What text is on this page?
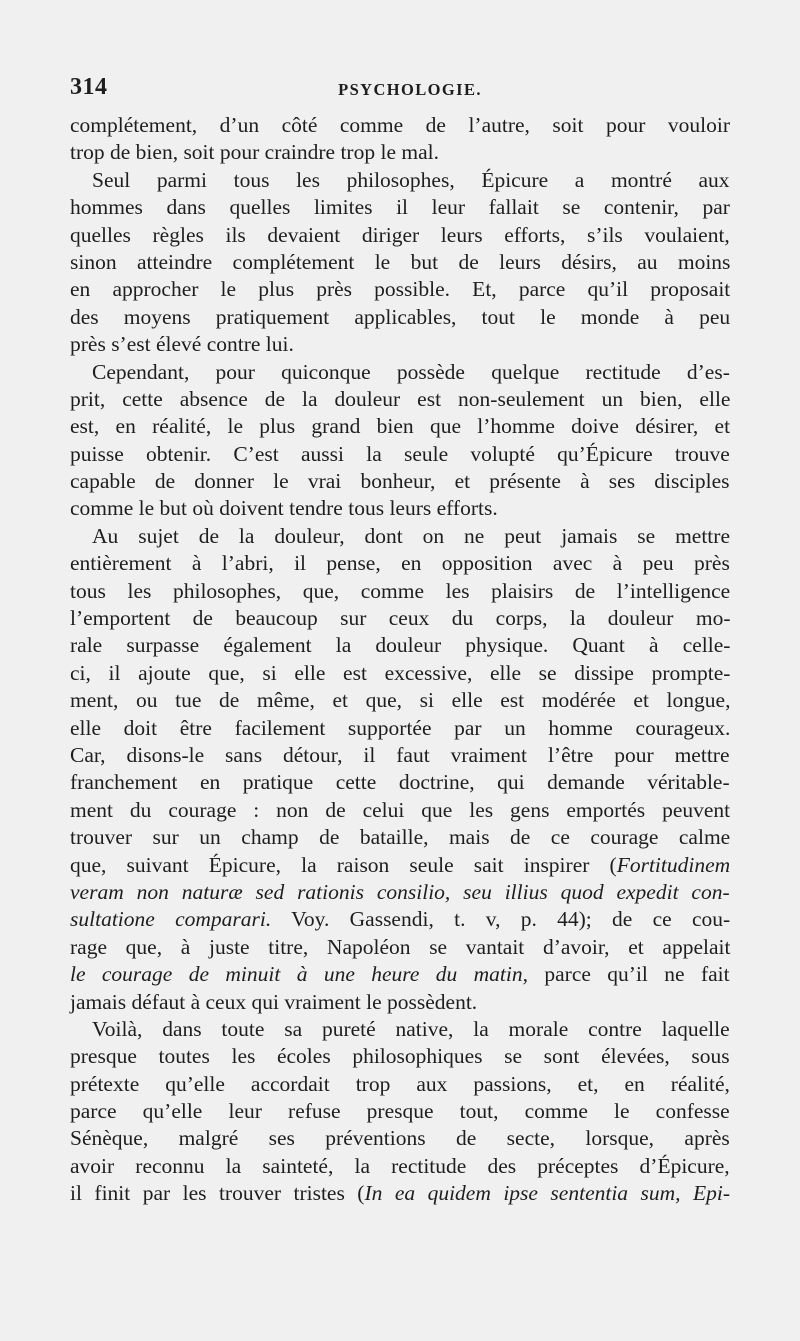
314	PSYCHOLOGIE.
complétement, d’un côté comme de l’autre, soit pour vouloir
trop de bien, soit pour craindre trop le mal.
Seul parmi tous les philosophes, Épicure a montré aux
hommes dans quelles limites il leur fallait se contenir, par
quelles règles ils devaient diriger leurs efforts, s’ils voulaient,
sinon atteindre complétement le but de leurs désirs, au moins
en approcher le plus près possible. Et, parce qu’il proposait
des moyens pratiquement applicables, tout le monde à peu
près s’est élevé contre lui.
Cependant, pour quiconque possède quelque rectitude d’es-
prit, cette absence de la douleur est non-seulement un bien, elle
est, en réalité, le plus grand bien que l’homme doive désirer, et
puisse obtenir. C’est aussi la seule volupté qu’Épicure trouve
capable de donner le vrai bonheur, et présente à ses disciples
comme le but où doivent tendre tous leurs efforts.
Au sujet de la douleur, dont on ne peut jamais se mettre
entièrement à l’abri, il pense, en opposition avec à peu près
tous les philosophes, que, comme les plaisirs de l’intelligence
l’emportent de beaucoup sur ceux du corps, la douleur mo-
rale surpasse également la douleur physique. Quant à celle-
ci, il ajoute que, si elle est excessive, elle se dissipe prompte-
ment, ou tue de même, et que, si elle est modérée et longue,
elle doit être facilement supportée par un homme courageux.
Car, disons-le sans détour, il faut vraiment l’être pour mettre
franchement en pratique cette doctrine, qui demande véritable-
ment du courage : non de celui que les gens emportés peuvent
trouver sur un champ de bataille, mais de ce courage calme
que, suivant Épicure, la raison seule sait inspirer (Fortitudinem
veram non naturæ sed rationis consilio, seu illius quod expedit con-
sultatione comparari. Voy. Gassendi, t. v, p. 44); de ce cou-
rage que, à juste titre, Napoléon se vantait d’avoir, et appelait
le courage de minuit à une heure du matin, parce qu’il ne fait
jamais défaut à ceux qui vraiment le possèdent.
Voilà, dans toute sa pureté native, la morale contre laquelle
presque toutes les écoles philosophiques se sont élevées, sous
prétexte qu’elle accordait trop aux passions, et, en réalité,
parce qu’elle leur refuse presque tout, comme le confesse
Sénèque, malgré ses préventions de secte, lorsque, après
avoir reconnu la sainteté, la rectitude des préceptes d’Épicure,
il finit par les trouver tristes (In ea quidem ipse sententia sum, Epi-
